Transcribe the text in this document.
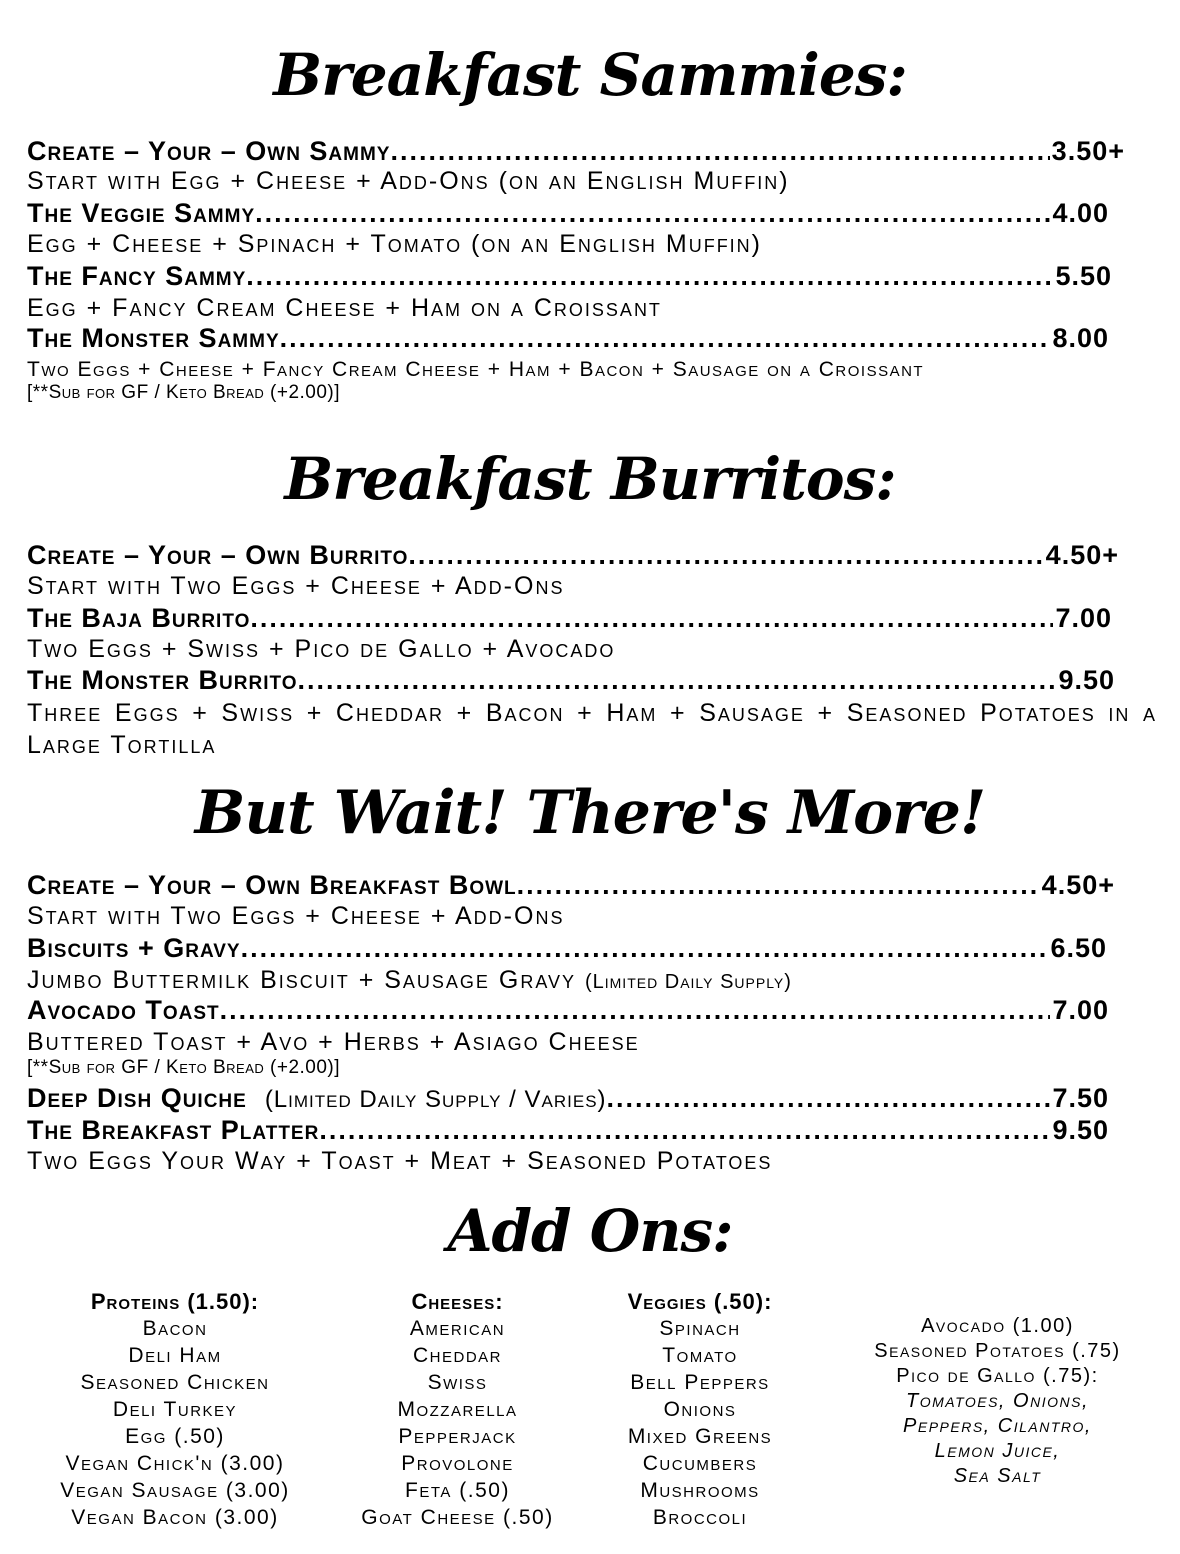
Breakfast Sammies:
Create – Your – Own Sammy .....	3.50+
Start with Egg + Cheese + Add-Ons (on an English Muffin)
The Veggie Sammy .....	4.00
Egg + Cheese + Spinach + Tomato (on an English Muffin)
The Fancy Sammy .....	5.50
Egg + Fancy Cream Cheese + Ham on a Croissant
The Monster Sammy .....	8.00
Two Eggs + Cheese + Fancy Cream Cheese + Ham + Bacon + Sausage on a Croissant
[**Sub for GF / Keto Bread (+2.00)]
Breakfast Burritos:
Create – Your – Own Burrito .....	4.50+
Start with Two Eggs + Cheese + Add-Ons
The Baja Burrito .....	7.00
Two Eggs + Swiss + Pico de Gallo + Avocado
The Monster Burrito .....	9.50
Three Eggs + Swiss + Cheddar + Bacon + Ham + Sausage + Seasoned Potatoes in a Large Tortilla
But Wait! There's More!
Create – Your – Own Breakfast Bowl .....	4.50+
Start with Two Eggs + Cheese + Add-Ons
Biscuits + Gravy .....	6.50
Jumbo Buttermilk Biscuit + Sausage Gravy (Limited Daily Supply)
Avocado Toast .....	7.00
Buttered Toast + Avo + Herbs + Asiago Cheese
[**Sub for GF / Keto Bread (+2.00)]
Deep Dish Quiche (Limited Daily Supply / Varies) .....	7.50
The Breakfast Platter .....	9.50
Two Eggs Your Way + Toast + Meat + Seasoned Potatoes
Add Ons:
Proteins (1.50):
Bacon
Deli Ham
Seasoned Chicken
Deli Turkey
Egg (.50)
Vegan Chick'n (3.00)
Vegan Sausage (3.00)
Vegan Bacon (3.00)
Cheeses:
American
Cheddar
Swiss
Mozzarella
Pepperjack
Provolone
Feta (.50)
Goat Cheese (.50)
Veggies (.50):
Spinach
Tomato
Bell Peppers
Onions
Mixed Greens
Cucumbers
Mushrooms
Broccoli
Avocado (1.00)
Seasoned Potatoes (.75)
Pico de Gallo (.75):
Tomatoes, Onions,
Peppers, Cilantro,
Lemon Juice,
Sea Salt
